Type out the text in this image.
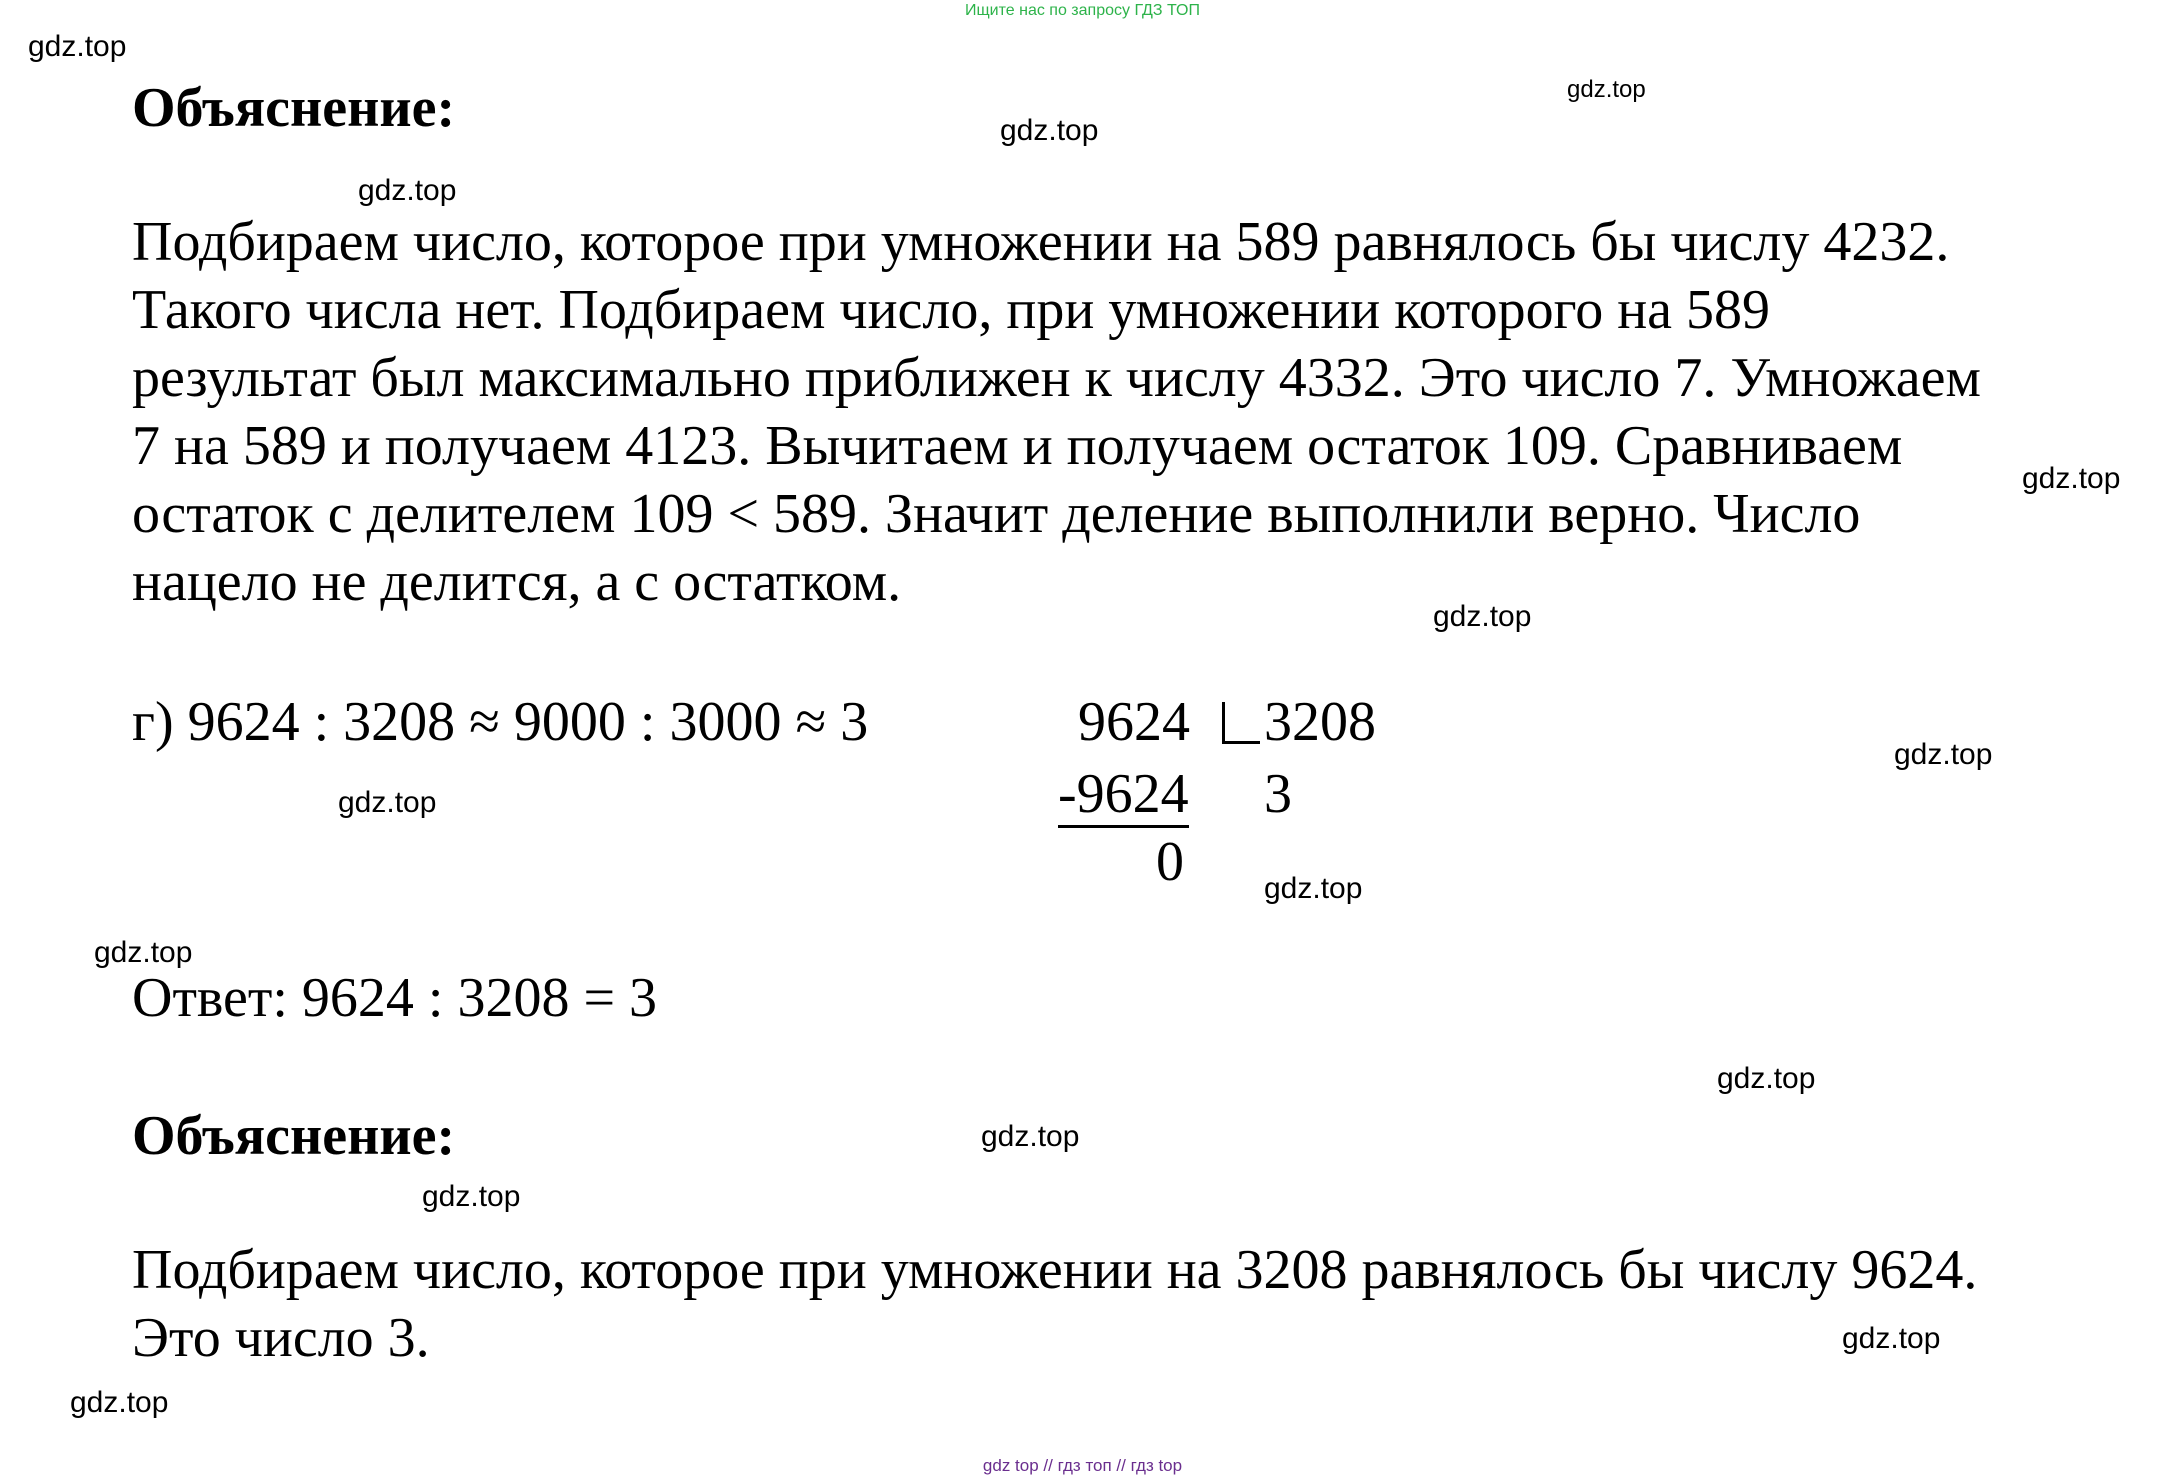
Ищите нас по запросу ГДЗ ТОП
gdz.top
gdz.top
gdz.top
gdz.top
gdz.top
gdz.top
gdz.top
gdz.top
gdz.top
gdz.top
gdz.top
gdz.top
gdz.top
gdz.top
gdz.top
Объяснение:
Подбираем число, которое при умножении на 589 равнялось бы числу 4232.
Такого числа нет. Подбираем число, при умножении которого на 589
результат был максимально приближен к числу 4332. Это число 7. Умножаем
7 на 589 и получаем 4123. Вычитаем и получаем остаток 109. Сравниваем
остаток с делителем 109 < 589. Значит деление выполнили верно. Число
нацело не делится, а с остатком.
г) 9624 : 3208 ≈ 9000 : 3000 ≈ 3	9624	3208
-9624 3
0
Ответ: 9624 : 3208 = 3
Объяснение:
Подбираем число, которое при умножении на 3208 равнялось бы числу 9624.
Это число 3.
gdz top // гдз топ // гдз top
